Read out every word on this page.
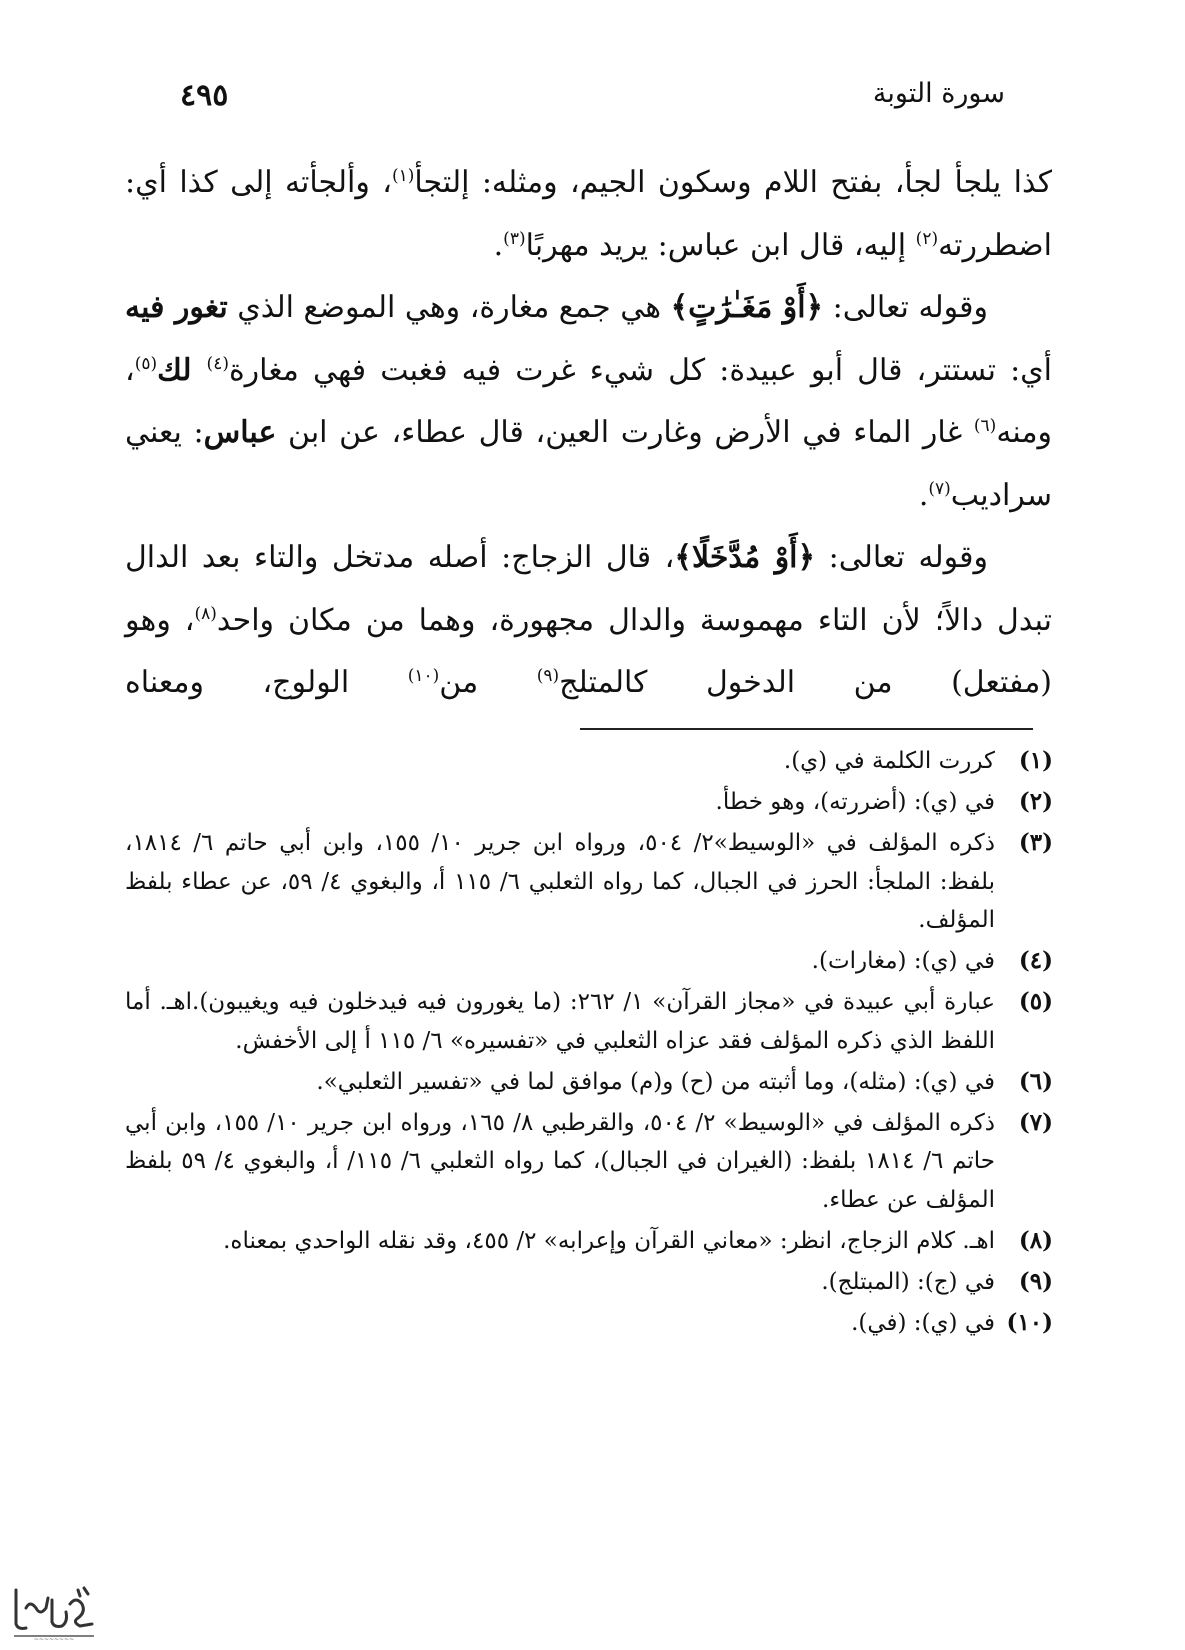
سورة التوبة
٤٩٥

كذا يلجأ لجأ، بفتح اللام وسكون الجيم، ومثله: إلتجأ$^{(١)}$، وألجأته إلى كذا أي: اضطررته$^{(٢)}$ إليه، قال ابن عباس: يريد مهربًا$^{(٣)}$.

وقوله تعالى: ﴿أَوْ مَغَـٰرَٰتٍ﴾ هي جمع مغارة، وهي الموضع الذي تغور فيه أي: تستتر، قال أبو عبيدة: كل شيء غرت فيه فغبت فهي مغارة$^{(٤)}$ لك$^{(٥)}$، ومنه$^{(٦)}$ غار الماء في الأرض وغارت العين، قال عطاء، عن ابن عباس: يعني سراديب$^{(٧)}$.

وقوله تعالى: ﴿أَوْ مُدَّخَلًا﴾، قال الزجاج: أصله مدتخل والتاء بعد الدال تبدل دالاً؛ لأن التاء مهموسة والدال مجهورة، وهما من مكان واحد$^{(٨)}$، وهو (مفتعل) من الدخول كالمتلج$^{(٩)}$ من$^{(١٠)}$ الولوج، ومعناه

(١)
كررت الكلمة في (ي).
(٢)
في (ي): (أضررته)، وهو خطأ.
(٣)
ذكره المؤلف في «الوسيط»٢/ ٥٠٤، ورواه ابن جرير ١٠/ ١٥٥، وابن أبي حاتم ٦/ ١٨١٤، بلفظ: الملجأ: الحرز في الجبال، كما رواه الثعلبي ٦/ ١١٥ أ، والبغوي ٤/ ٥٩، عن عطاء بلفظ المؤلف.
(٤)
في (ي): (مغارات).
(٥)
عبارة أبي عبيدة في «مجاز القرآن» ١/ ٢٦٢: (ما يغورون فيه فيدخلون فيه ويغيبون).اهـ. أما اللفظ الذي ذكره المؤلف فقد عزاه الثعلبي في «تفسيره» ٦/ ١١٥ أ إلى الأخفش.
(٦)
في (ي): (مثله)، وما أثبته من (ح) و(م) موافق لما في «تفسير الثعلبي».
(٧)
ذكره المؤلف في «الوسيط» ٢/ ٥٠٤، والقرطبي ٨/ ١٦٥، ورواه ابن جرير ١٠/ ١٥٥، وابن أبي حاتم ٦/ ١٨١٤ بلفظ: (الغيران في الجبال)، كما رواه الثعلبي ٦/ ١١٥/ أ، والبغوي ٤/ ٥٩ بلفظ المؤلف عن عطاء.
(٨)
اهـ. كلام الزجاج، انظر: «معاني القرآن وإعرابه» ٢/ ٤٥٥، وقد نقله الواحدي بمعناه.
(٩)
في (ج): (المبتلج).
(١٠)
في (ي): (في).
~~~~~~~~
